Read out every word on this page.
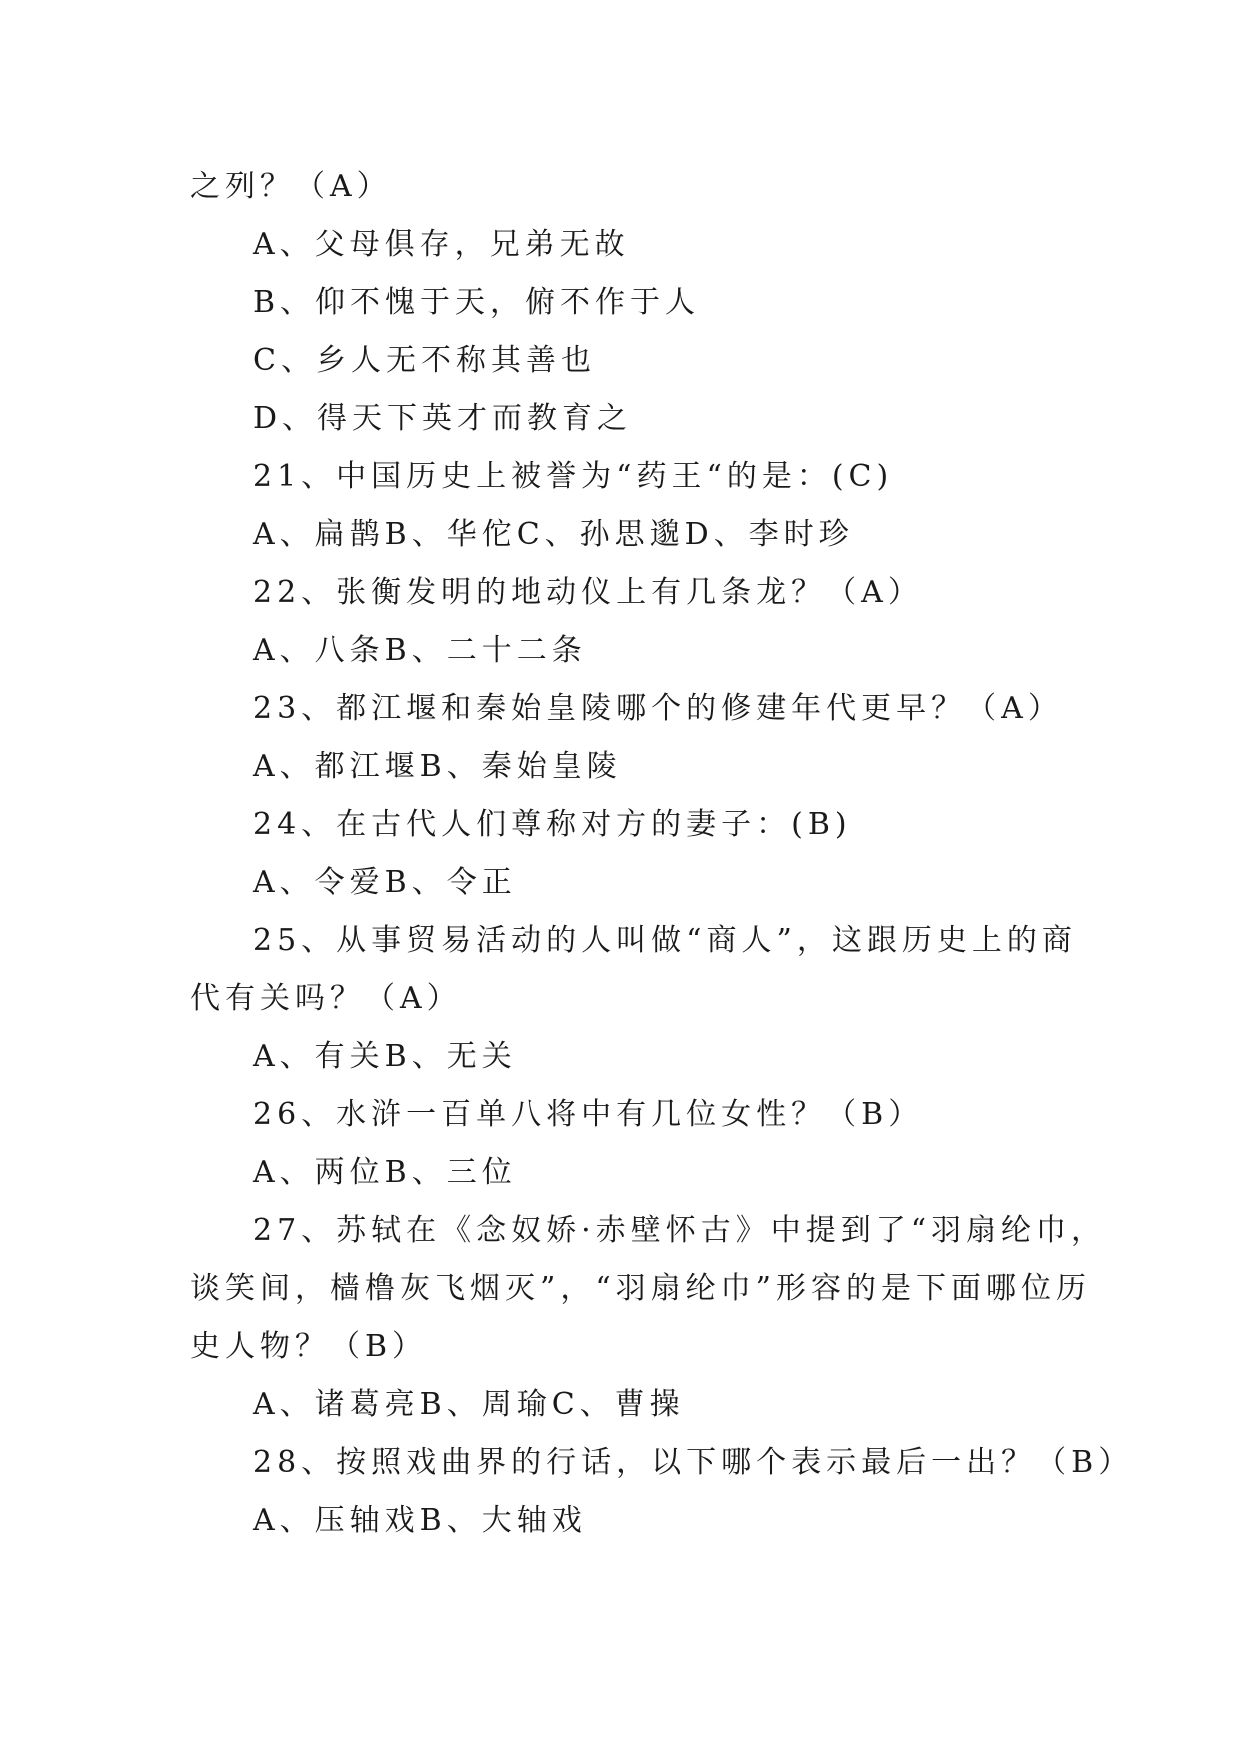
之列？（A）
A、父母俱存，兄弟无故
B、仰不愧于天，俯不作于人
C、乡人无不称其善也
D、得天下英才而教育之
21、中国历史上被誉为“药王“的是：(C)
A、扁鹊B、华佗C、孙思邈D、李时珍
22、张衡发明的地动仪上有几条龙？（A）
A、八条B、二十二条
23、都江堰和秦始皇陵哪个的修建年代更早？（A）
A、都江堰B、秦始皇陵
24、在古代人们尊称对方的妻子：(B)
A、令爱B、令正
25、从事贸易活动的人叫做“商人”，这跟历史上的商
代有关吗？（A）
A、有关B、无关
26、水浒一百单八将中有几位女性？（B）
A、两位B、三位
27、苏轼在《念奴娇·赤壁怀古》中提到了“羽扇纶巾，
谈笑间，樯橹灰飞烟灭”，“羽扇纶巾”形容的是下面哪位历
史人物？（B）
A、诸葛亮B、周瑜C、曹操
28、按照戏曲界的行话，以下哪个表示最后一出？（B）
A、压轴戏B、大轴戏
